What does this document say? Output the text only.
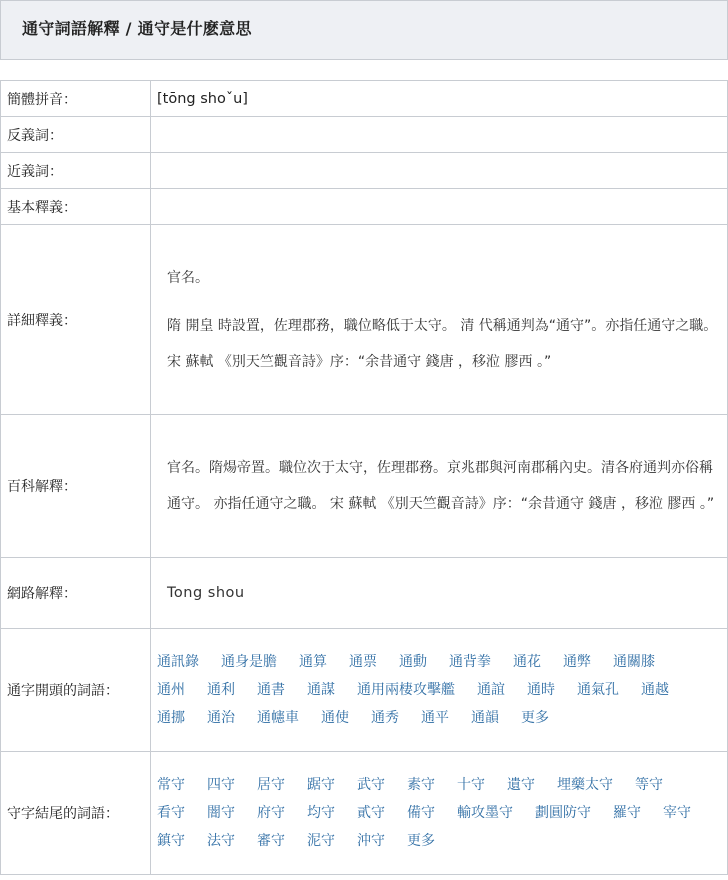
通守詞語解釋 / 通守是什麽意思
簡體拼音：	[tōng shoˇu]
反義詞：	
近義詞：	
基本釋義：	
詳細釋義：	官名。

隋 開皇 時設置，佐理郡務，職位略低于太守。 清 代稱通判為“通守”。亦指任通守之職。 宋 蘇軾 《別天竺觀音詩》序：“余昔通守 錢唐 ，移涖 膠西 。”

百科解釋：	官名。隋煬帝置。職位次于太守，佐理郡務。京兆郡與河南郡稱內史。清各府通判亦俗稱通守。 亦指任通守之職。 宋 蘇軾 《別天竺觀音詩》序：“余昔通守 錢唐 ，移涖 膠西 。”

網路解釋：	Tong shou
通字開頭的詞語：	通訊錄 通身是膽 通算 通票 通動 通背拳 通花 通弊 通關膝通州 通利 通書 通謀 通用兩棲攻擊艦 通誼 通時 通氣孔 通越通挪 通治 通幰車 通使 通秀 通平 通韻 更多

守字結尾的詞語：	常守 四守 居守 踞守 武守 素守 十守 遺守 埋藥太守 等守看守 闇守 府守 均守 貳守 備守 輸攻墨守 劃圓防守 羅守 宰守鎮守 法守 審守 泥守 沖守 更多
